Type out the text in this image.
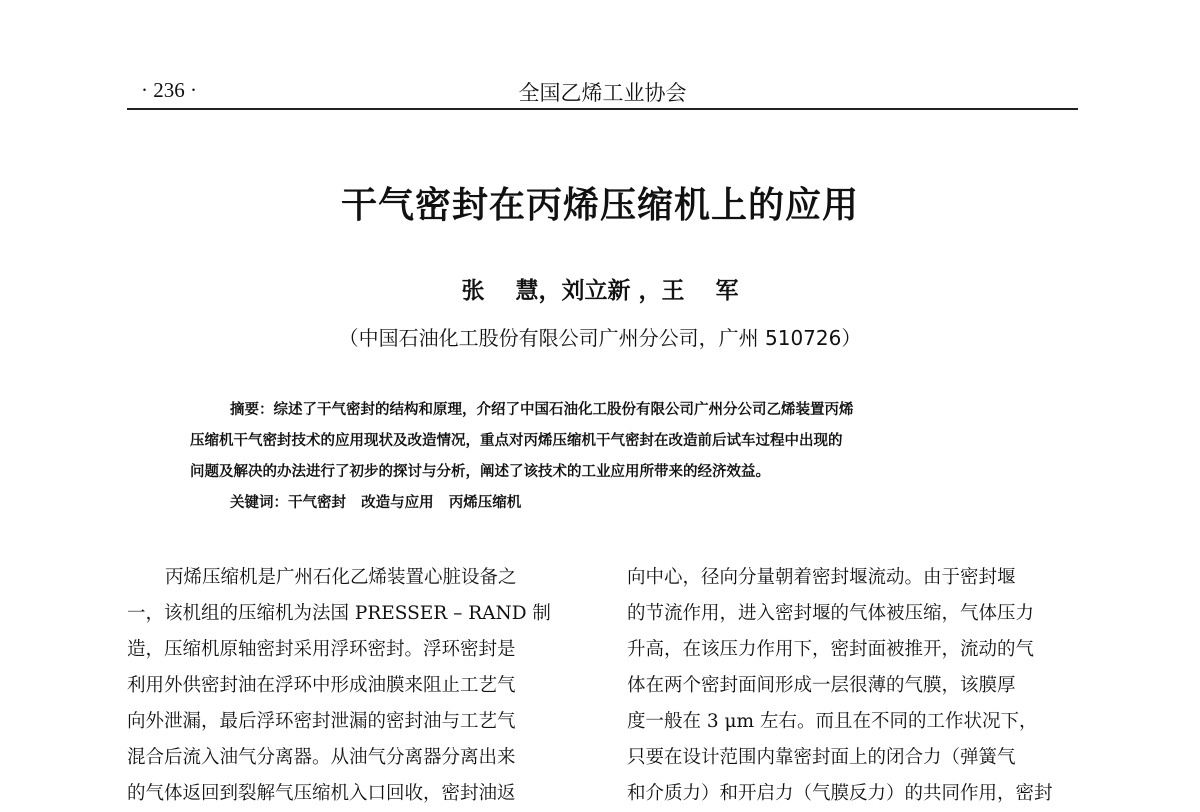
· 236 ·	全国乙烯工业协会
干气密封在丙烯压缩机上的应用
张　 慧，刘立新 ，王　 军
（中国石油化工股份有限公司广州分公司，广州 510726）
摘要：综述了干气密封的结构和原理，介绍了中国石油化工股份有限公司广州分公司乙烯装置丙烯
压缩机干气密封技术的应用现状及改造情况，重点对丙烯压缩机干气密封在改造前后试车过程中出现的
问题及解决的办法进行了初步的探讨与分析，阐述了该技术的工业应用所带来的经济效益。
关键词：干气密封 改造与应用 丙烯压缩机
丙烯压缩机是广州石化乙烯装置心脏设备之
一，该机组的压缩机为法国 PRESSER – RAND 制
造，压缩机原轴密封采用浮环密封。浮环密封是
利用外供密封油在浮环中形成油膜来阻止工艺气
向外泄漏，最后浮环密封泄漏的密封油与工艺气
混合后流入油气分离器。从油气分离器分离出来
的气体返回到裂解气压缩机入口回收，密封油返
向中心，径向分量朝着密封堰流动。由于密封堰
的节流作用，进入密封堰的气体被压缩，气体压力
升高，在该压力作用下，密封面被推开，流动的气
体在两个密封面间形成一层很薄的气膜，该膜厚
度一般在 3 μm 左右。而且在不同的工作状况下，
只要在设计范围内靠密封面上的闭合力（弹簧气
和介质力）和开启力（气膜反力）的共同作用，密封
